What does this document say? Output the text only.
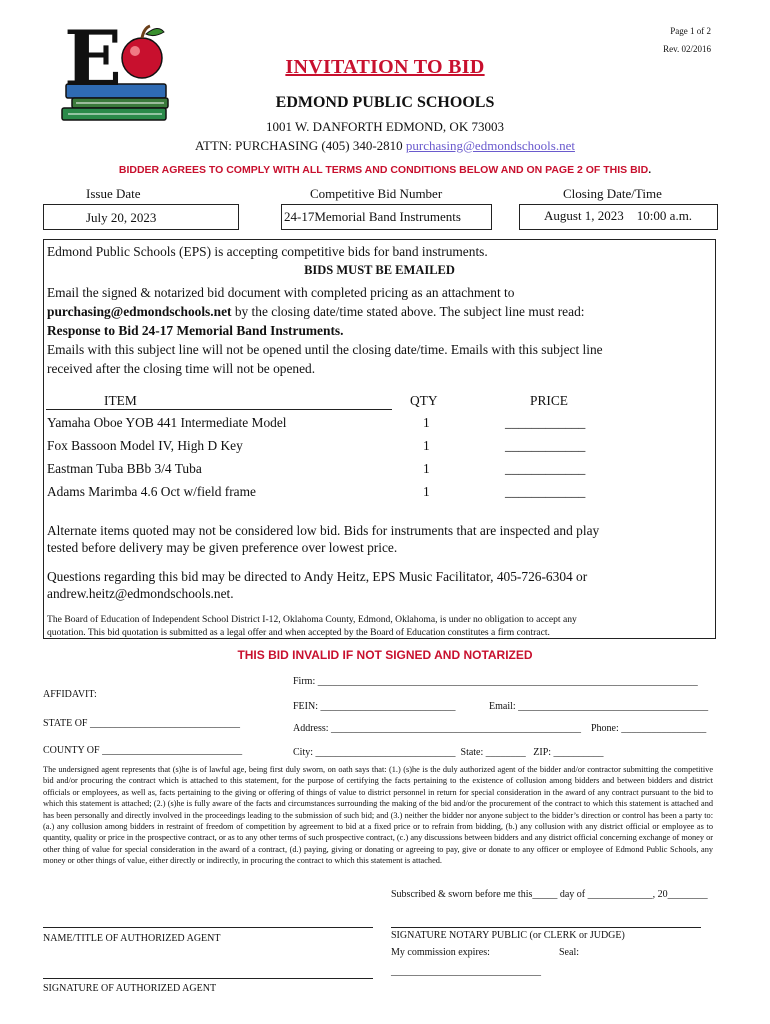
E	Page 1 of 2
Rev. 02/2016
INVITATION TO BID
EDMOND PUBLIC SCHOOLS
1001 W. DANFORTH EDMOND, OK 73003
ATTN: PURCHASING (405) 340-2810 purchasing@edmondschools.net
BIDDER AGREES TO COMPLY WITH ALL TERMS AND CONDITIONS BELOW AND ON PAGE 2 OF THIS BID.
Issue Date
July 20, 2023
Competitive Bid Number
24-17Memorial Band Instruments
Closing Date/Time
August 1, 2023    10:00 a.m.
Edmond Public Schools (EPS) is accepting competitive bids for band instruments.
BIDS MUST BE EMAILED
Email the signed & notarized bid document with completed pricing as an attachment to
purchasing@edmondschools.net by the closing date/time stated above. The subject line must read:
Response to Bid 24-17 Memorial Band Instruments.
Emails with this subject line will not be opened until the closing date/time. Emails with this subject line
received after the closing time will not be opened.
ITEM	QTY	PRICE
Yamaha Oboe YOB 441 Intermediate Model	1	____________
Fox Bassoon Model IV, High D Key	1	____________
Eastman Tuba BBb 3/4 Tuba	1	____________
Adams Marimba 4.6 Oct w/field frame	1	____________
Alternate items quoted may not be considered low bid. Bids for instruments that are inspected and play
tested before delivery may be given preference over lowest price.
Questions regarding this bid may be directed to Andy Heitz, EPS Music Facilitator, 405-726-6304 or
andrew.heitz@edmondschools.net.
The Board of Education of Independent School District I-12, Oklahoma County, Edmond, Oklahoma, is under no obligation to accept any
quotation. This bid quotation is submitted as a legal offer and when accepted by the Board of Education constitutes a firm contract.
THIS BID INVALID IF NOT SIGNED AND NOTARIZED
Firm: ____________________________________________________________________________
AFFIDAVIT:
FEIN: ___________________________	Email: ______________________________________
STATE OF ______________________________	Address: __________________________________________________ Phone: _________________
COUNTY OF ____________________________	City: ____________________________  State: ________   ZIP: __________
The undersigned agent represents that (s)he is of lawful age, being first duly sworn, on oath says that: (1.) (s)he is the duly authorized agent of the bidder and/or contractor submitting the competitive bid and/or procuring the contract which is attached to this statement, for the purpose of certifying the facts pertaining to the existence of collusion among bidders and between bidders and district officials or employees, as well as, facts pertaining to the giving or offering of things of value to district personnel in return for special consideration in the award of any contract pursuant to the bid to which this statement is attached; (2.) (s)he is fully aware of the facts and circumstances surrounding the making of the bid and/or the procurement of the contract to which this statement is attached and has been personally and directly involved in the proceedings leading to the submission of such bid; and (3.) neither the bidder nor anyone subject to the bidder’s direction or control has been a party to: (a.) any collusion among bidders in restraint of freedom of competition by agreement to bid at a fixed price or to refrain from bidding, (b.) any collusion with any district official or employee as to quantity, quality or price in the prospective contract, or as to any other terms of such prospective contract, (c.) any discussions between bidders and any district official concerning exchange of money or other thing of value for special consideration in the award of a contract, (d.) paying, giving or donating or agreeing to pay, give or donate to any officer or employee of Edmond Public Schools, any money or other things of value, either directly or indirectly, in procuring the contract to which this statement is attached.
Subscribed & sworn before me this_____ day of _____________, 20________
NAME/TITLE OF AUTHORIZED AGENT	SIGNATURE NOTARY PUBLIC (or CLERK or JUDGE)
My commission expires:	Seal:
______________________________
SIGNATURE OF AUTHORIZED AGENT
